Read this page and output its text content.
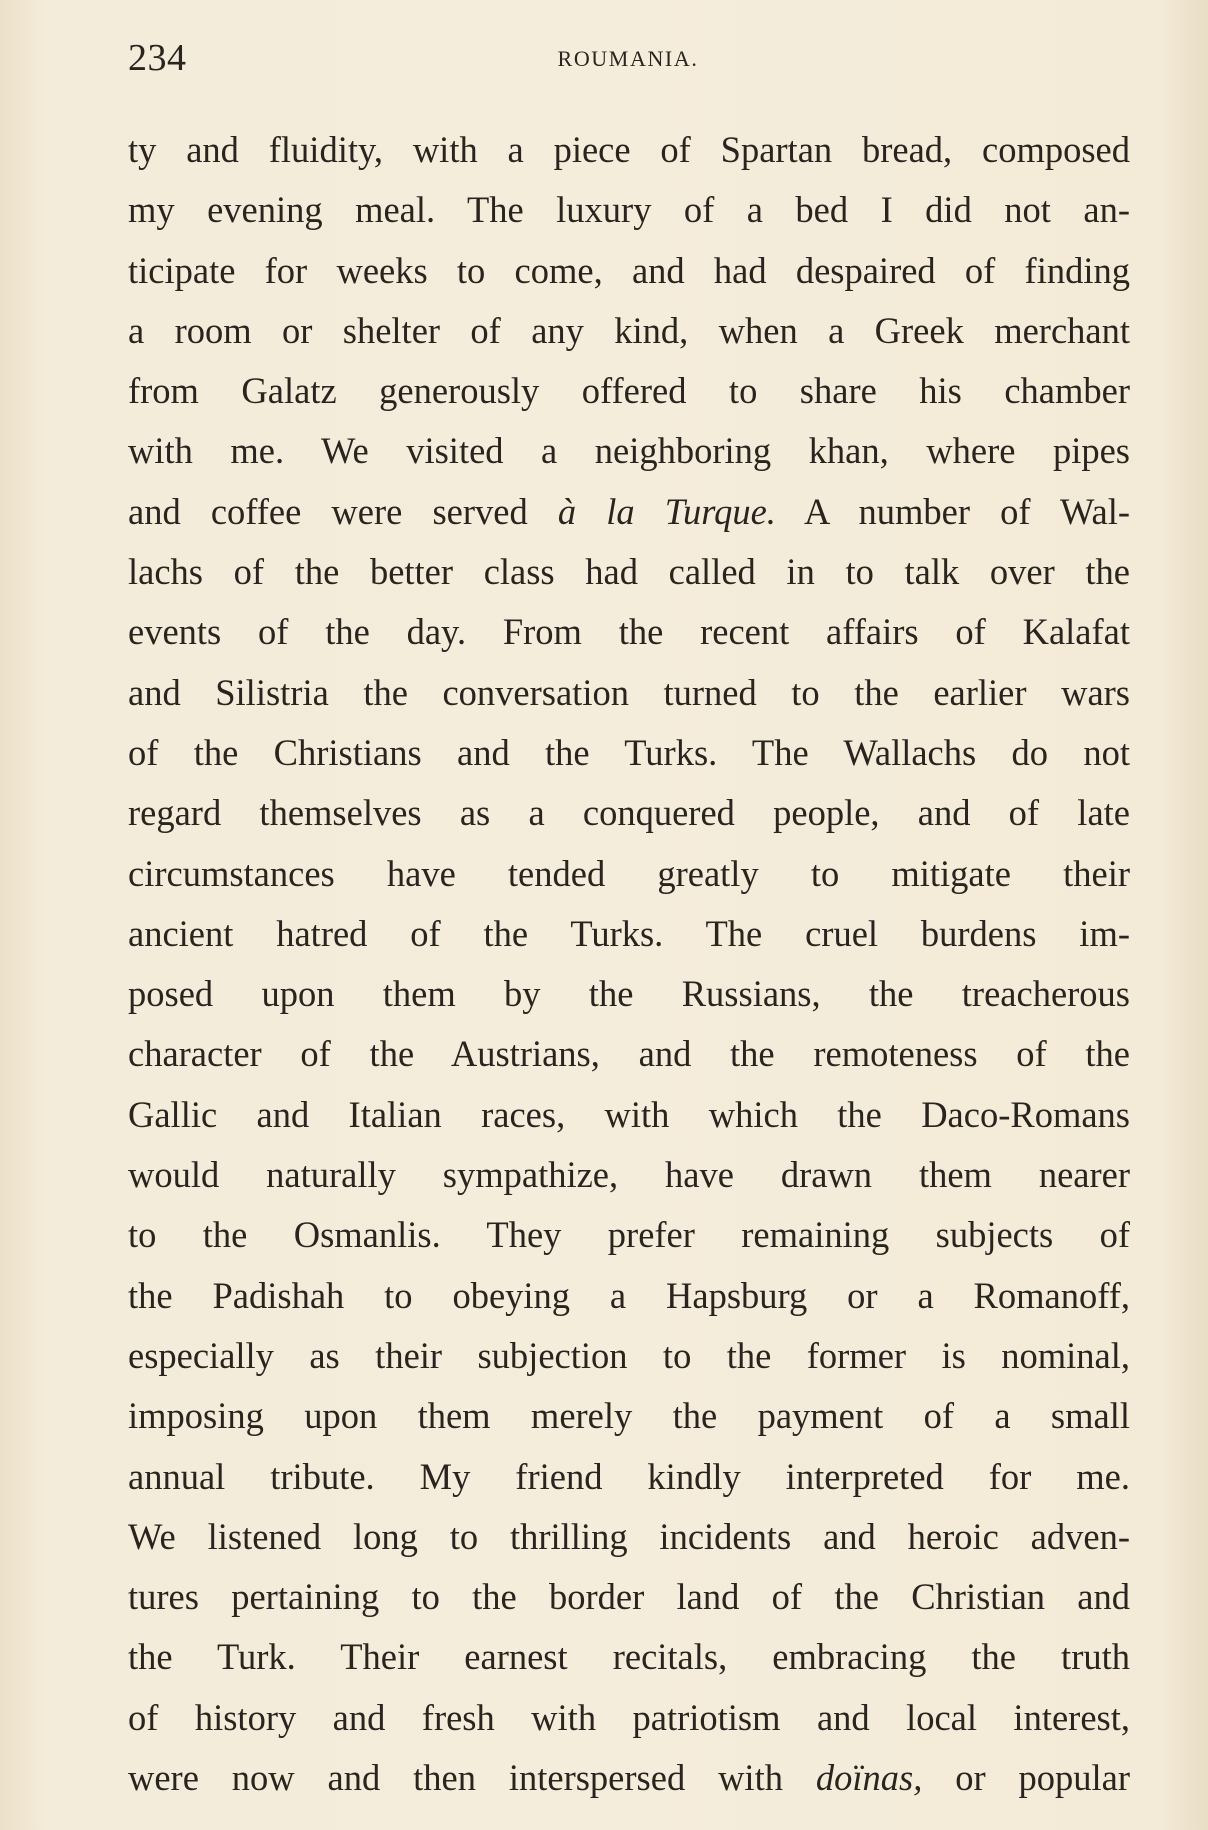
234	ROUMANIA.
ty and fluidity, with a piece of Spartan bread, composed
my evening meal. The luxury of a bed I did not an-
ticipate for weeks to come, and had despaired of finding
a room or shelter of any kind, when a Greek merchant
from Galatz generously offered to share his chamber
with me. We visited a neighboring khan, where pipes
and coffee were served à la Turque. A number of Wal-
lachs of the better class had called in to talk over the
events of the day. From the recent affairs of Kalafat
and Silistria the conversation turned to the earlier wars
of the Christians and the Turks. The Wallachs do not
regard themselves as a conquered people, and of late
circumstances have tended greatly to mitigate their
ancient hatred of the Turks. The cruel burdens im-
posed upon them by the Russians, the treacherous
character of the Austrians, and the remoteness of the
Gallic and Italian races, with which the Daco-Romans
would naturally sympathize, have drawn them nearer
to the Osmanlis. They prefer remaining subjects of
the Padishah to obeying a Hapsburg or a Romanoff,
especially as their subjection to the former is nominal,
imposing upon them merely the payment of a small
annual tribute. My friend kindly interpreted for me.
We listened long to thrilling incidents and heroic adven-
tures pertaining to the border land of the Christian and
the Turk. Their earnest recitals, embracing the truth
of history and fresh with patriotism and local interest,
were now and then interspersed with doïnas, or popular
